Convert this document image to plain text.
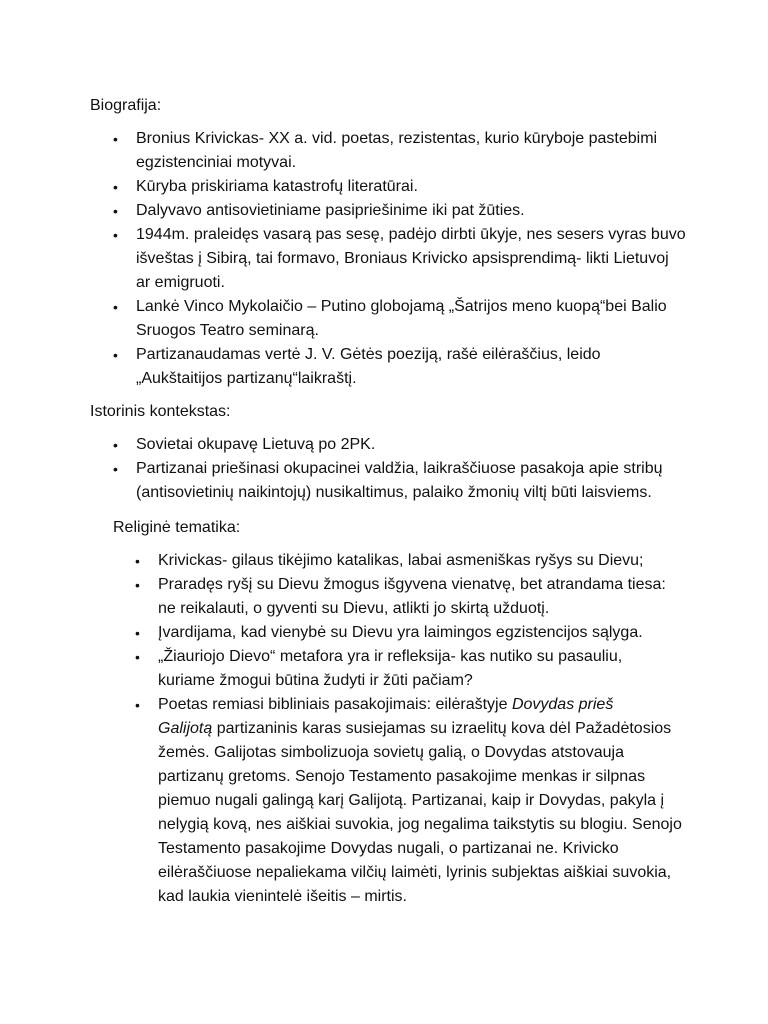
Biografija:

•	Bronius Krivickas- XX a. vid. poetas, rezistentas, kurio kūryboje pastebimi
egzistenciniai motyvai.
•	Kūryba priskiriama katastrofų literatūrai.
•	Dalyvavo antisovietiniame pasipriešinime iki pat žūties.
•	1944m. praleidęs vasarą pas sesę, padėjo dirbti ūkyje, nes sesers vyras buvo
išveštas į Sibirą, tai formavo, Broniaus Krivicko apsisprendimą- likti Lietuvoj
ar emigruoti.
•	Lankė Vinco Mykolaičio – Putino globojamą „Šatrijos meno kuopą“bei Balio
Sruogos Teatro seminarą.
•	Partizanaudamas vertė J. V. Gėtės poeziją, rašė eilėraščius, leido
„Aukštaitijos partizanų“laikraštį.

Istorinis kontekstas:

•	Sovietai okupavę Lietuvą po 2PK.
•	Partizanai priešinasi okupacinei valdžia, laikraščiuose pasakoja apie stribų
(antisovietinių naikintojų) nusikaltimus, palaiko žmonių viltį būti laisviems.

Religinė tematika:

•	Krivickas- gilaus tikėjimo katalikas, labai asmeniškas ryšys su Dievu;
•	Praradęs ryšį su Dievu žmogus išgyvena vienatvę, bet atrandama tiesa:
ne reikalauti, o gyventi su Dievu, atlikti jo skirtą užduotį.
•	Įvardijama, kad vienybė su Dievu yra laimingos egzistencijos sąlyga.
•	„Žiauriojo Dievo“ metafora yra ir refleksija- kas nutiko su pasauliu,
kuriame žmogui būtina žudyti ir žūti pačiam?
•	Poetas remiasi bibliniais pasakojimais: eilėraštyje Dovydas prieš
Galijotą partizaninis karas susiejamas su izraelitų kova dėl Pažadėtosios
žemės. Galijotas simbolizuoja sovietų galią, o Dovydas atstovauja
partizanų gretoms. Senojo Testamento pasakojime menkas ir silpnas
piemuo nugali galingą karį Galijotą. Partizanai, kaip ir Dovydas, pakyla į
nelygią kovą, nes aiškiai suvokia, jog negalima taikstytis su blogiu. Senojo
Testamento pasakojime Dovydas nugali, o partizanai ne. Krivicko
eilėraščiuose nepaliekama vilčių laimėti, lyrinis subjektas aiškiai suvokia,
kad laukia vienintelė išeitis – mirtis.
